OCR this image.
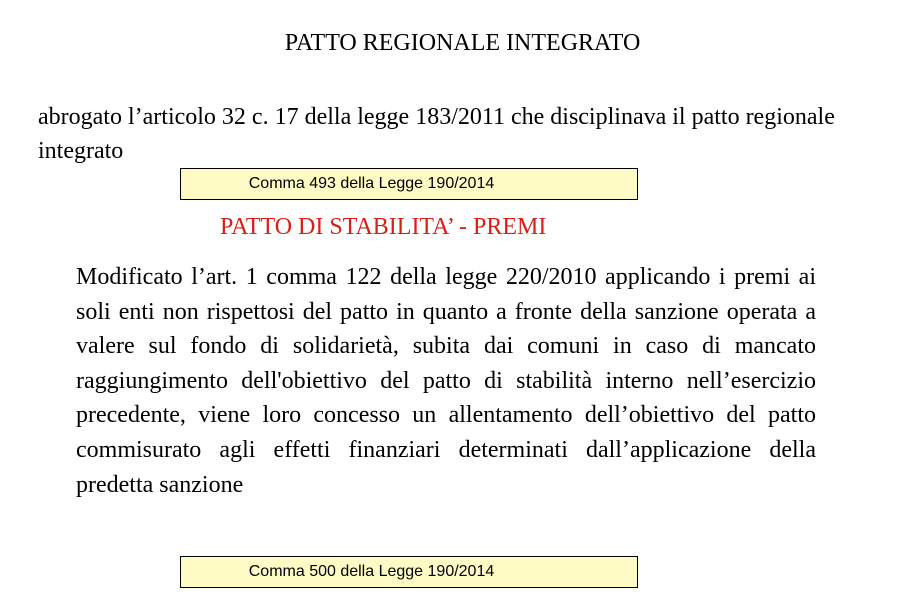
PATTO REGIONALE INTEGRATO

abrogato l’articolo 32 c. 17 della legge 183/2011 che disciplinava il patto regionale integrato

Comma 493 della Legge 190/2014
PATTO DI STABILITA’ - PREMI

Modificato l’art. 1 comma 122 della legge 220/2010 applicando i premi ai soli enti non rispettosi del patto in quanto a fronte della sanzione operata a valere sul fondo di solidarietà, subita dai comuni in caso di mancato raggiungimento dell'obiettivo del patto di stabilità interno nell’esercizio precedente, viene loro concesso un allentamento dell’obiettivo del patto commisurato agli effetti finanziari determinati dall’applicazione della predetta sanzione

Comma 500 della Legge 190/2014
